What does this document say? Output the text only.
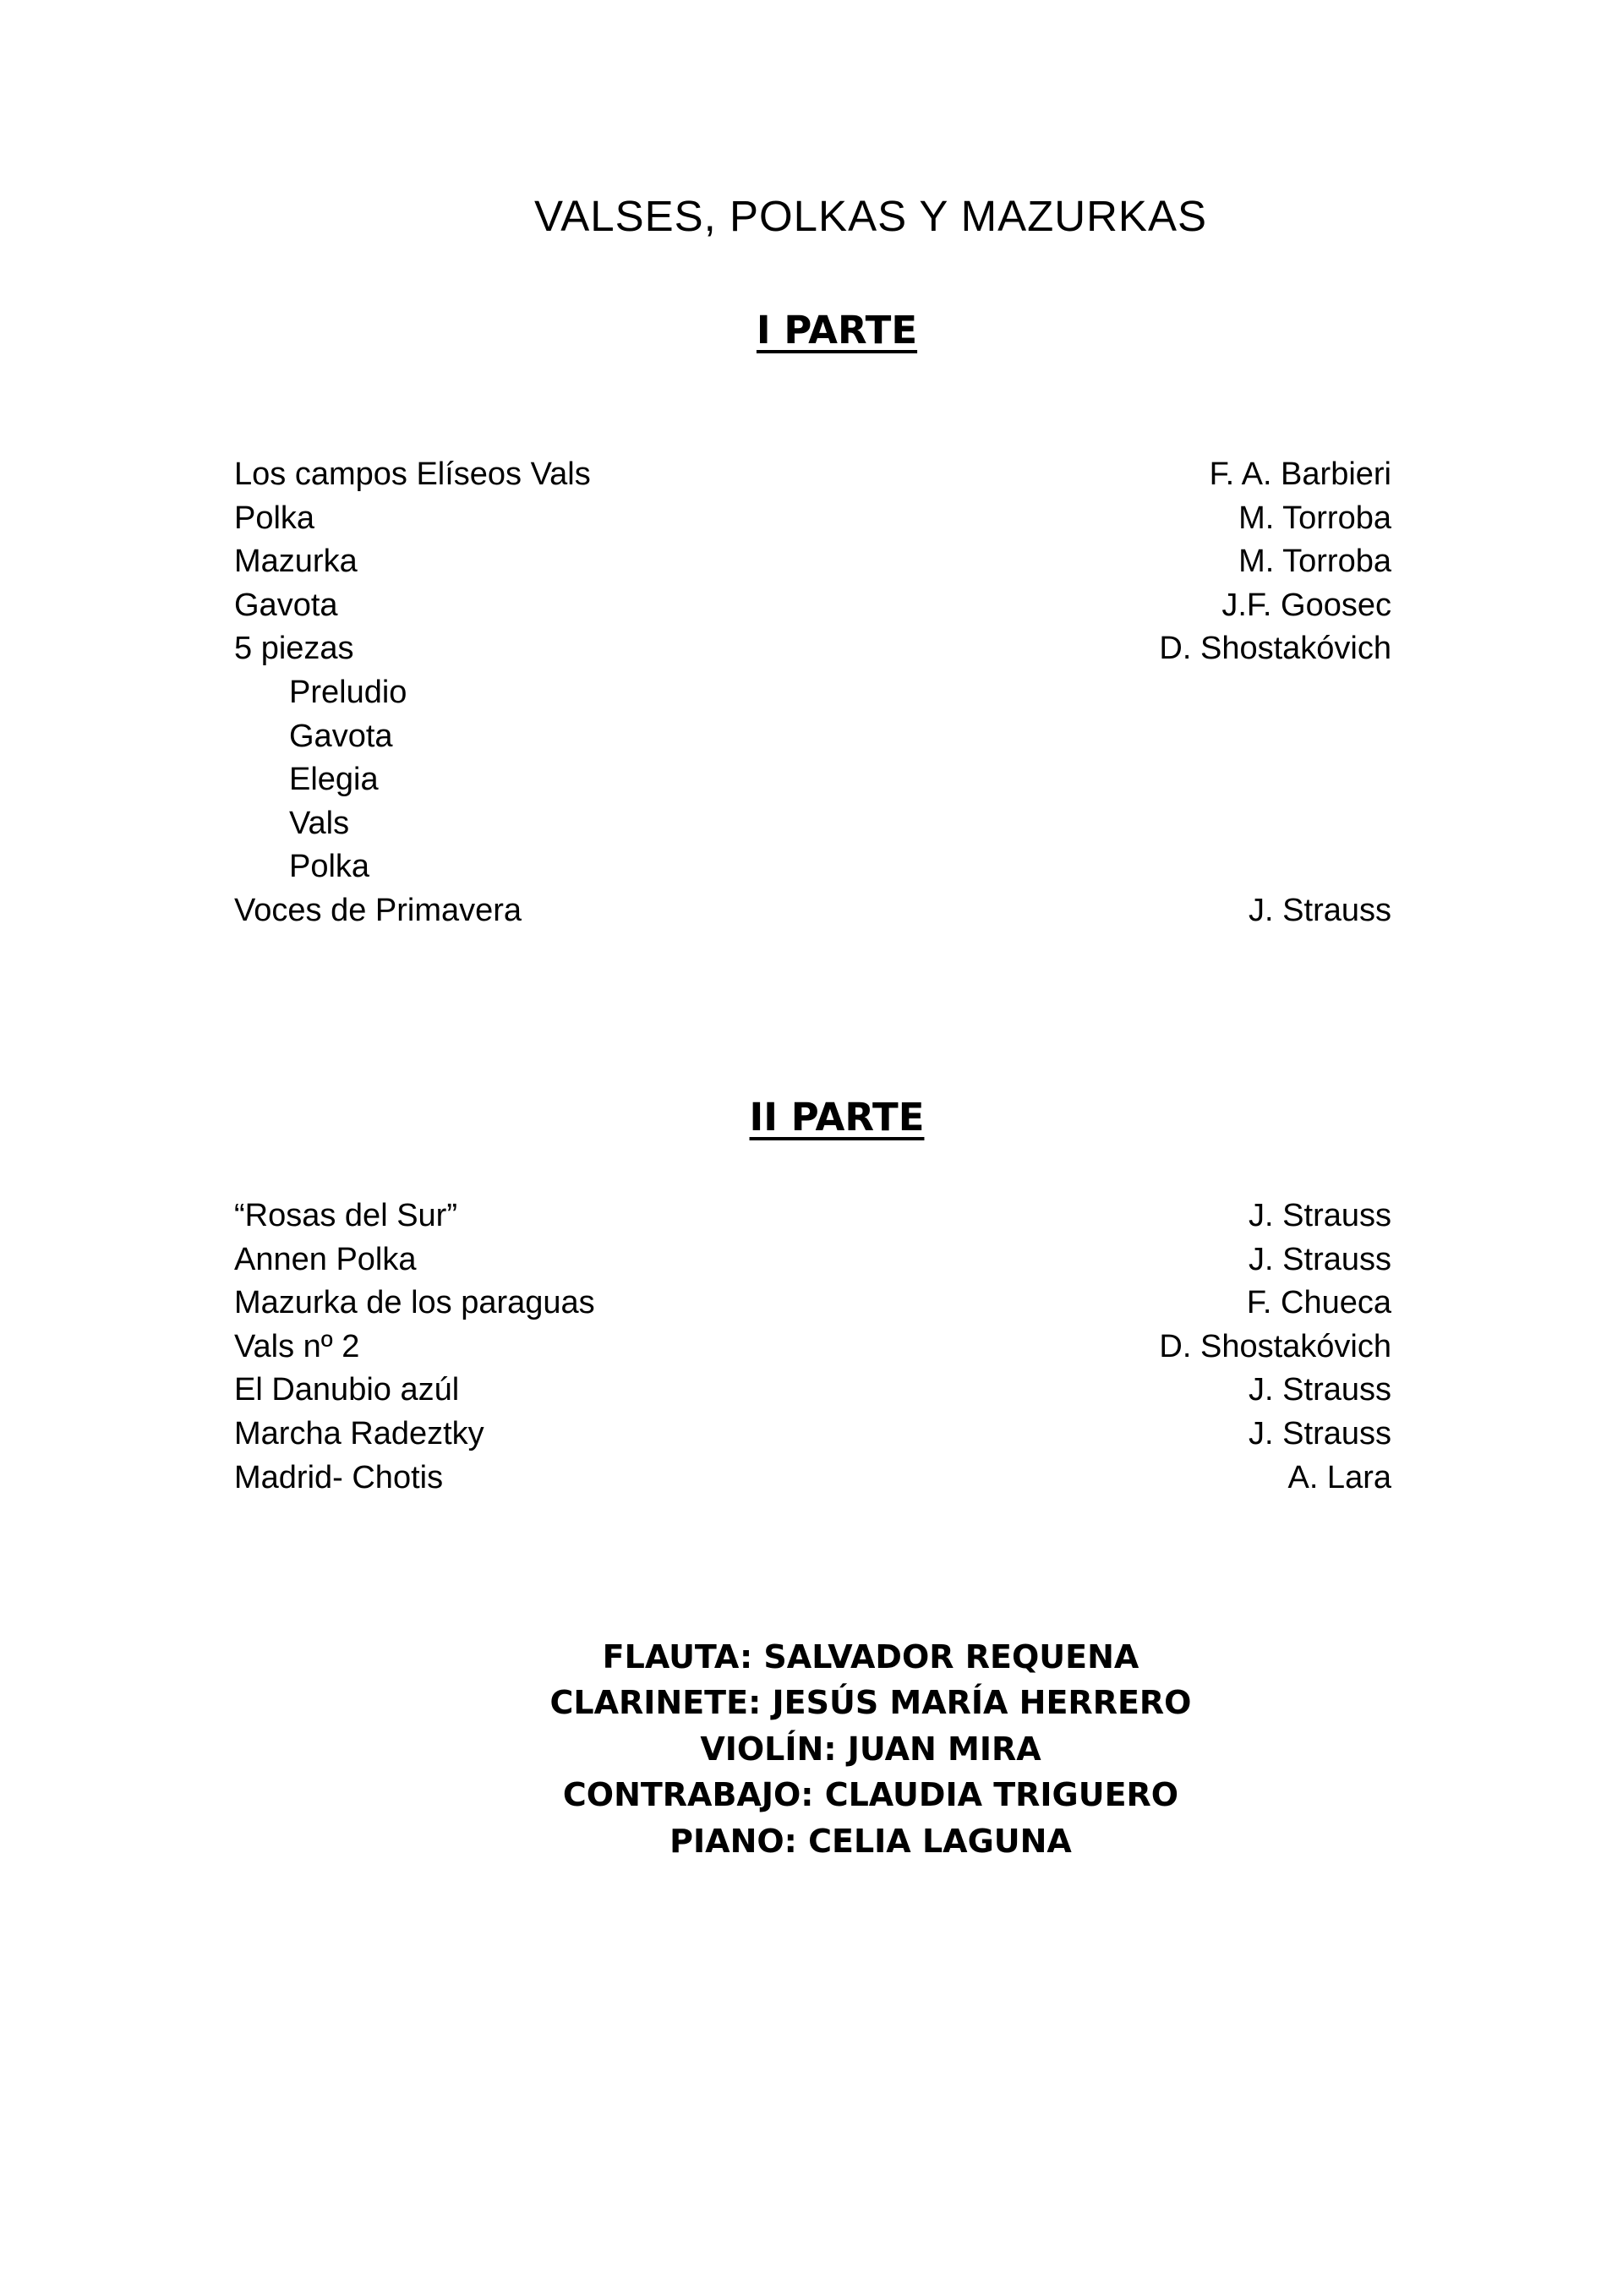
VALSES, POLKAS Y MAZURKAS
I PARTE
Los campos Elíseos Vals	F. A. Barbieri
Polka	M. Torroba
Mazurka	M. Torroba
Gavota	J.F. Goosec
5 piezas	D. Shostakóvich
Preludio
Gavota
Elegia
Vals
Polka
Voces de Primavera	J. Strauss
II PARTE
“Rosas del Sur”	J. Strauss
Annen Polka	J. Strauss
Mazurka de los paraguas	F. Chueca
Vals nº 2	D. Shostakóvich
El Danubio azúl	J. Strauss
Marcha Radeztky	J. Strauss
Madrid- Chotis	A. Lara
FLAUTA: SALVADOR REQUENA
CLARINETE: JESÚS MARÍA HERRERO
VIOLÍN: JUAN MIRA
CONTRABAJO: CLAUDIA TRIGUERO
PIANO: CELIA LAGUNA
